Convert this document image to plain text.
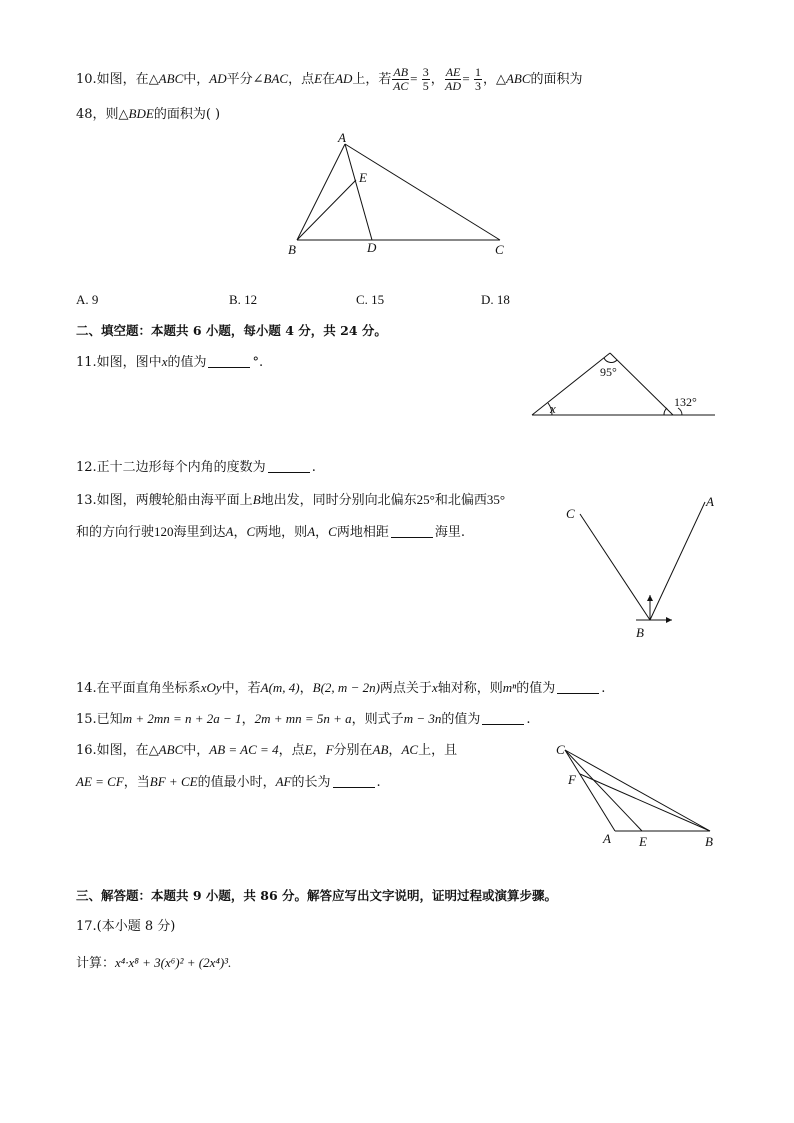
10.如图，在△ABC中，AD平分∠BAC，点E在AD上，若 $\frac{AB}{AC} = \frac{3}{5}$ ， $\frac{AE}{AD} = \frac{1}{3}$ ，△ABC的面积为
48，则△BDE的面积为( )
A
B	C
D
E
A. 9	B. 12	C. 15	D. 18
二、填空题：本题共 6 小题，每小题 4 分，共 24 分。
11.如图，图中x的值为	°.
95°
132°
x
12.正十二边形每个内角的度数为	.
13.如图，两艘轮船由海平面上B地出发，同时分别向北偏东25°和北偏西35°
和的方向行驶120海里到达A，C两地，则A，C两地相距	海里.
C
A
B
14.在平面直角坐标系xOy中，若A(m, 4)，B(2, m − 2n)两点关于x轴对称，则mⁿ的值为	.
15.已知m + 2mn = n + 2a − 1，2m + mn = 5n + a，则式子m − 3n的值为	.
16.如图，在△ABC中，AB = AC = 4，点E，F分别在AB，AC上，且
AE = CF，当BF + CE的值最小时，AF的长为	.
C
F
A E	B
三、解答题：本题共 9 小题，共 86 分。解答应写出文字说明，证明过程或演算步骤。
17.(本小题 8 分)
计算：x⁴·x⁸ + 3(x⁶)² + (2x⁴)³.
